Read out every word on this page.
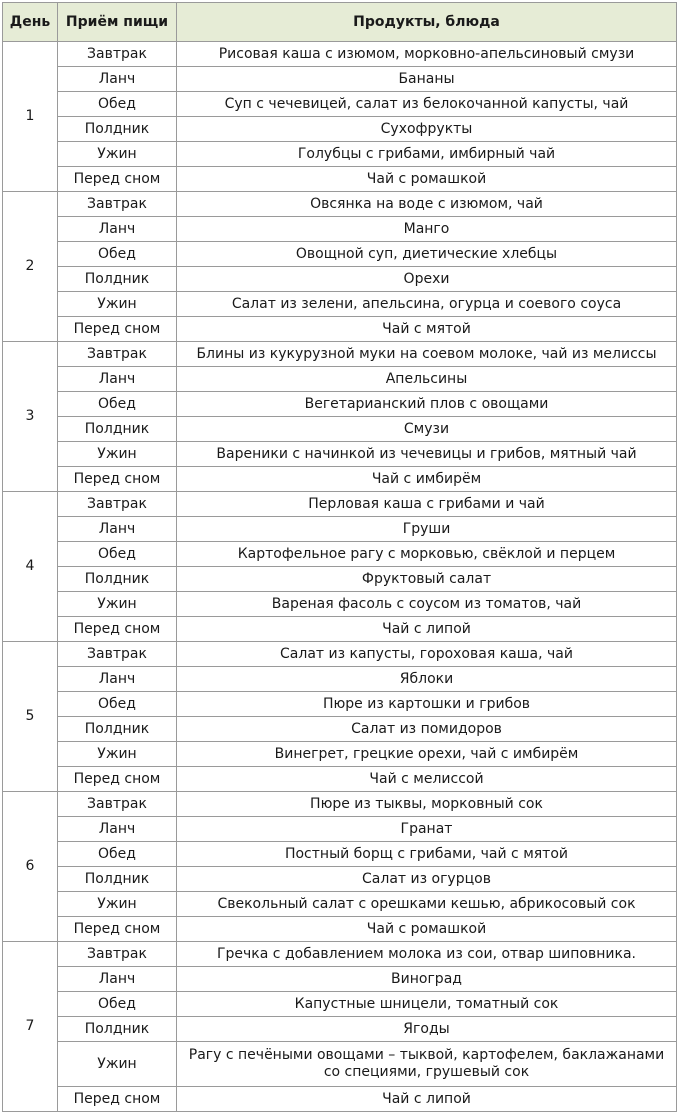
День	Приём пищи	Продукты, блюда
1	Завтрак	Рисовая каша с изюмом, морковно-апельсиновый смузи
	Ланч	Бананы
	Обед	Суп с чечевицей, салат из белокочанной капусты, чай
	Полдник	Сухофрукты
	Ужин	Голубцы с грибами, имбирный чай
	Перед сном	Чай с ромашкой
2	Завтрак	Овсянка на воде с изюмом, чай
	Ланч	Манго
	Обед	Овощной суп, диетические хлебцы
	Полдник	Орехи
	Ужин	Салат из зелени, апельсина, огурца и соевого соуса
	Перед сном	Чай с мятой
3	Завтрак	Блины из кукурузной муки на соевом молоке, чай из мелиссы
	Ланч	Апельсины
	Обед	Вегетарианский плов с овощами
	Полдник	Смузи
	Ужин	Вареники с начинкой из чечевицы и грибов, мятный чай
	Перед сном	Чай с имбирём
4	Завтрак	Перловая каша с грибами и чай
	Ланч	Груши
	Обед	Картофельное рагу с морковью, свёклой и перцем
	Полдник	Фруктовый салат
	Ужин	Вареная фасоль с соусом из томатов, чай
	Перед сном	Чай с липой
5	Завтрак	Салат из капусты, гороховая каша, чай
	Ланч	Яблоки
	Обед	Пюре из картошки и грибов
	Полдник	Салат из помидоров
	Ужин	Винегрет, грецкие орехи, чай с имбирём
	Перед сном	Чай с мелиссой
6	Завтрак	Пюре из тыквы, морковный сок
	Ланч	Гранат
	Обед	Постный борщ с грибами, чай с мятой
	Полдник	Салат из огурцов
	Ужин	Свекольный салат с орешками кешью, абрикосовый сок
	Перед сном	Чай с ромашкой
7	Завтрак	Гречка с добавлением молока из сои, отвар шиповника.
	Ланч	Виноград
	Обед	Капустные шницели, томатный сок
	Полдник	Ягоды
	Ужин	Рагу с печёными овощами – тыквой, картофелем, баклажанами со специями, грушевый сок
	Перед сном	Чай с липой
